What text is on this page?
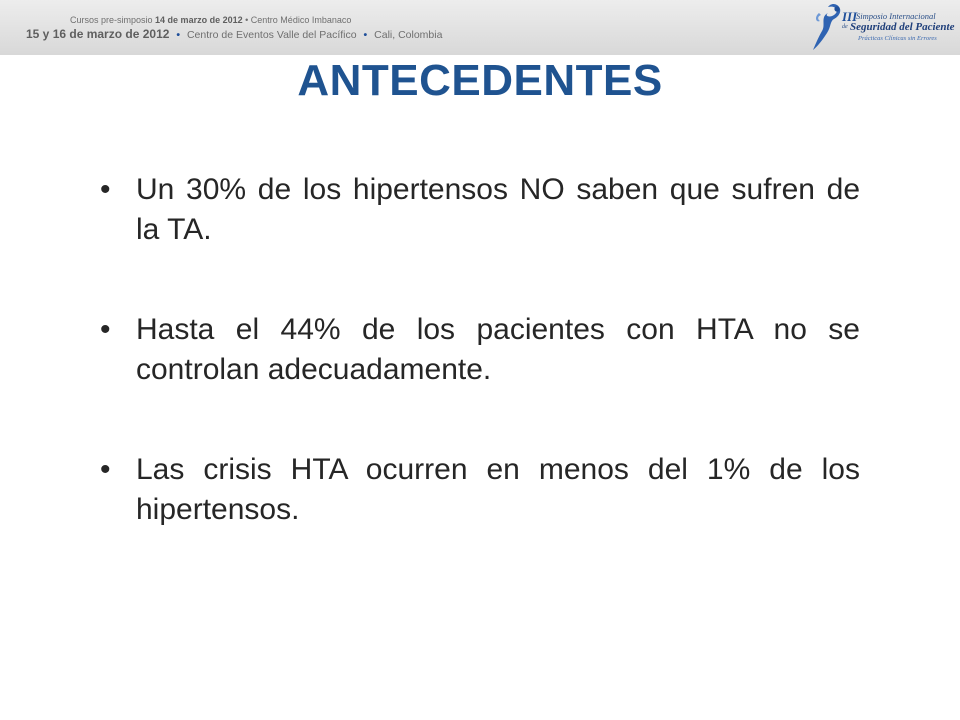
Cursos pre-simposio 14 de marzo de 2012 • Centro Médico Imbanaco
15 y 16 de marzo de 2012 • Centro de Eventos Valle del Pacífico • Cali, Colombia
III
Simposio Internacional
de Seguridad del Paciente
Prácticas Clínicas sin Errores
ANTECEDENTES
• Un 30% de los hipertensos NO saben que sufren de la TA.
• Hasta el 44% de los pacientes con HTA no se controlan adecuadamente.
• Las crisis HTA ocurren en menos del 1% de los hipertensos.
